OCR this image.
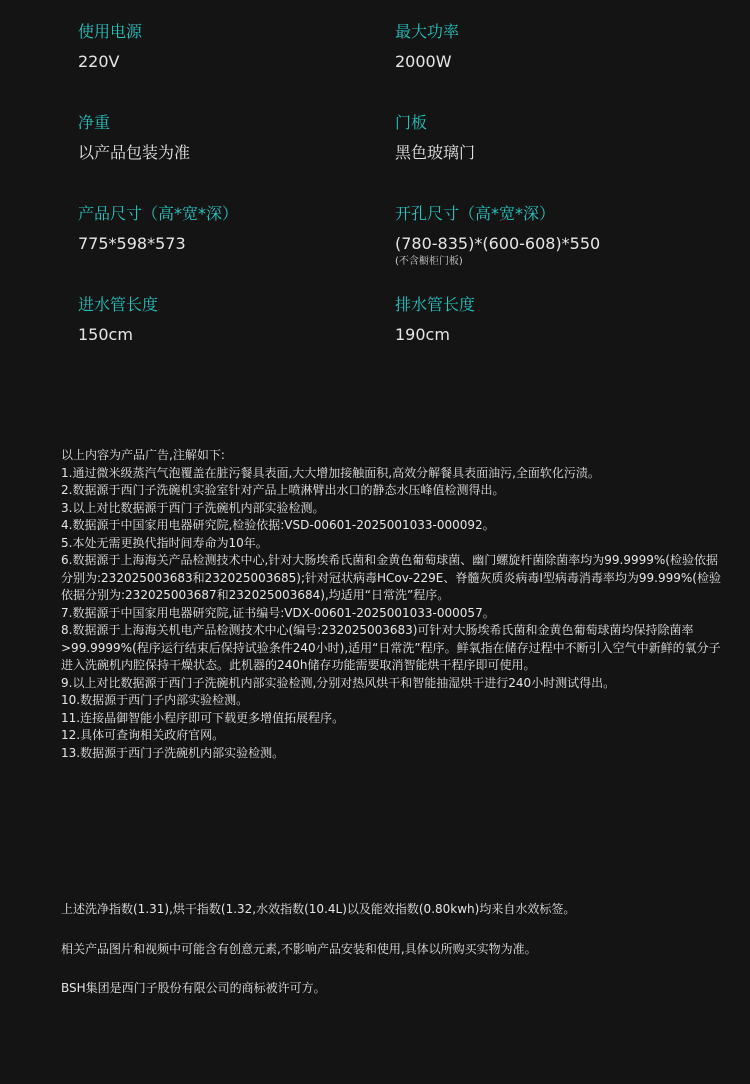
使用电源
220V
最大功率
2000W
净重
以产品包装为准
门板
黑色玻璃门
产品尺寸（高*宽*深）
775*598*573
开孔尺寸（高*宽*深）
(780-835)*(600-608)*550
(不含橱柜门板)
进水管长度
150cm
排水管长度
190cm
以上内容为产品广告,注解如下:
1.通过微米级蒸汽气泡覆盖在脏污餐具表面,大大增加接触面积,高效分解餐具表面油污,全面软化污渍。
2.数据源于西门子洗碗机实验室针对产品上喷淋臂出水口的静态水压峰值检测得出。
3.以上对比数据源于西门子洗碗机内部实验检测。
4.数据源于中国家用电器研究院,检验依据:VSD-00601-2025001033-000092。
5.本处无需更换代指时间寿命为10年。
6.数据源于上海海关产品检测技术中心,针对大肠埃希氏菌和金黄色葡萄球菌、幽门螺旋杆菌除菌率均为99.9999%(检验依据分别为:232025003683和232025003685);针对冠状病毒HCov-229E、脊髓灰质炎病毒I型病毒消毒率均为99.999%(检验依据分别为:232025003687和232025003684),均适用“日常洗”程序。
7.数据源于中国家用电器研究院,证书编号:VDX-00601-2025001033-000057。
8.数据源于上海海关机电产品检测技术中心(编号:232025003683)可针对大肠埃希氏菌和金黄色葡萄球菌均保持除菌率 >99.9999%(程序运行结束后保持试验条件240小时),适用“日常洗”程序。鲜氧指在储存过程中不断引入空气中新鲜的氧分子进入洗碗机内腔保持干燥状态。此机器的240h储存功能需要取消智能烘干程序即可使用。
9.以上对比数据源于西门子洗碗机内部实验检测,分别对热风烘干和智能抽湿烘干进行240小时测试得出。
10.数据源于西门子内部实验检测。
11.连接晶御智能小程序即可下载更多增值拓展程序。
12.具体可查询相关政府官网。
13.数据源于西门子洗碗机内部实验检测。
上述洗净指数(1.31),烘干指数(1.32,水效指数(10.4L)以及能效指数(0.80kwh)均来自水效标签。
相关产品图片和视频中可能含有创意元素,不影响产品安装和使用,具体以所购买实物为准。
BSH集团是西门子股份有限公司的商标被许可方。
